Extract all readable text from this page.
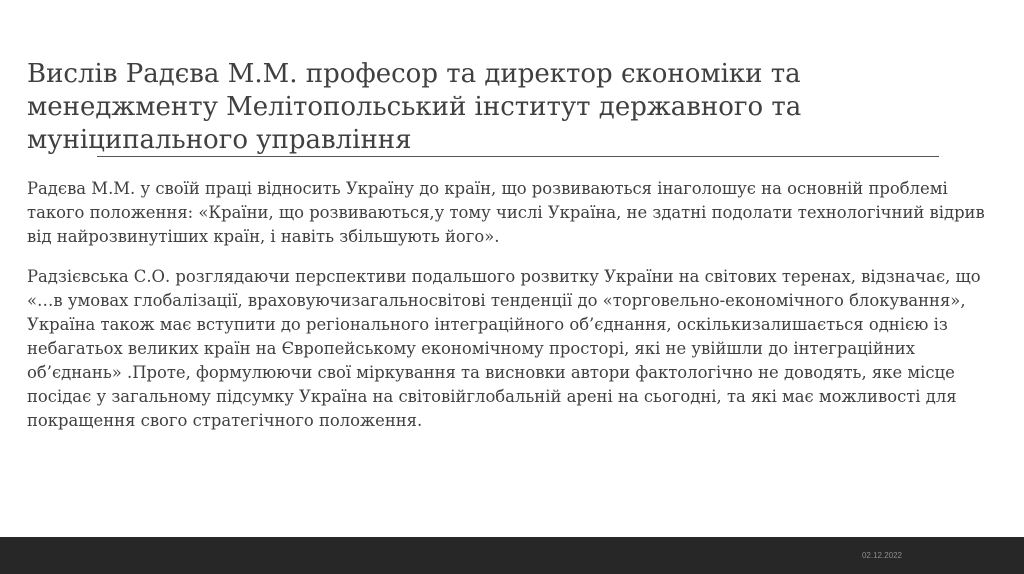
Вислів Радєва М.М. професор та директор єкономіки та менеджменту Мелітопольський інститут державного та муніципального управління

Радєва М.М. у своїй праці відносить Україну до країн, що розвиваються інаголошує на основній проблемі такого положення: «Країни, що розвиваються,у тому числі Україна, не здатні подолати технологічний відрив від найрозвинутіших країн, і навіть збільшують його».

Радзієвська С.О. розглядаючи перспективи подальшого розвитку України на світових теренах, відзначає, що «…в умовах глобалізації, враховуючизагальносвітові тенденції до «торговельно-економічного блокування», Україна також має вступити до регіонального інтеграційного об’єднання, оскількизалишається однією із небагатьох великих країн на Європейському економічному просторі, які не увійшли до інтеграційних об’єднань» .Проте, формулюючи свої міркування та висновки автори фактологічно не доводять, яке місце посідає у загальному підсумку Україна на світовійглобальній арені на сьогодні, та які має можливості для покращення свого стратегічного положення.

02.12.2022
